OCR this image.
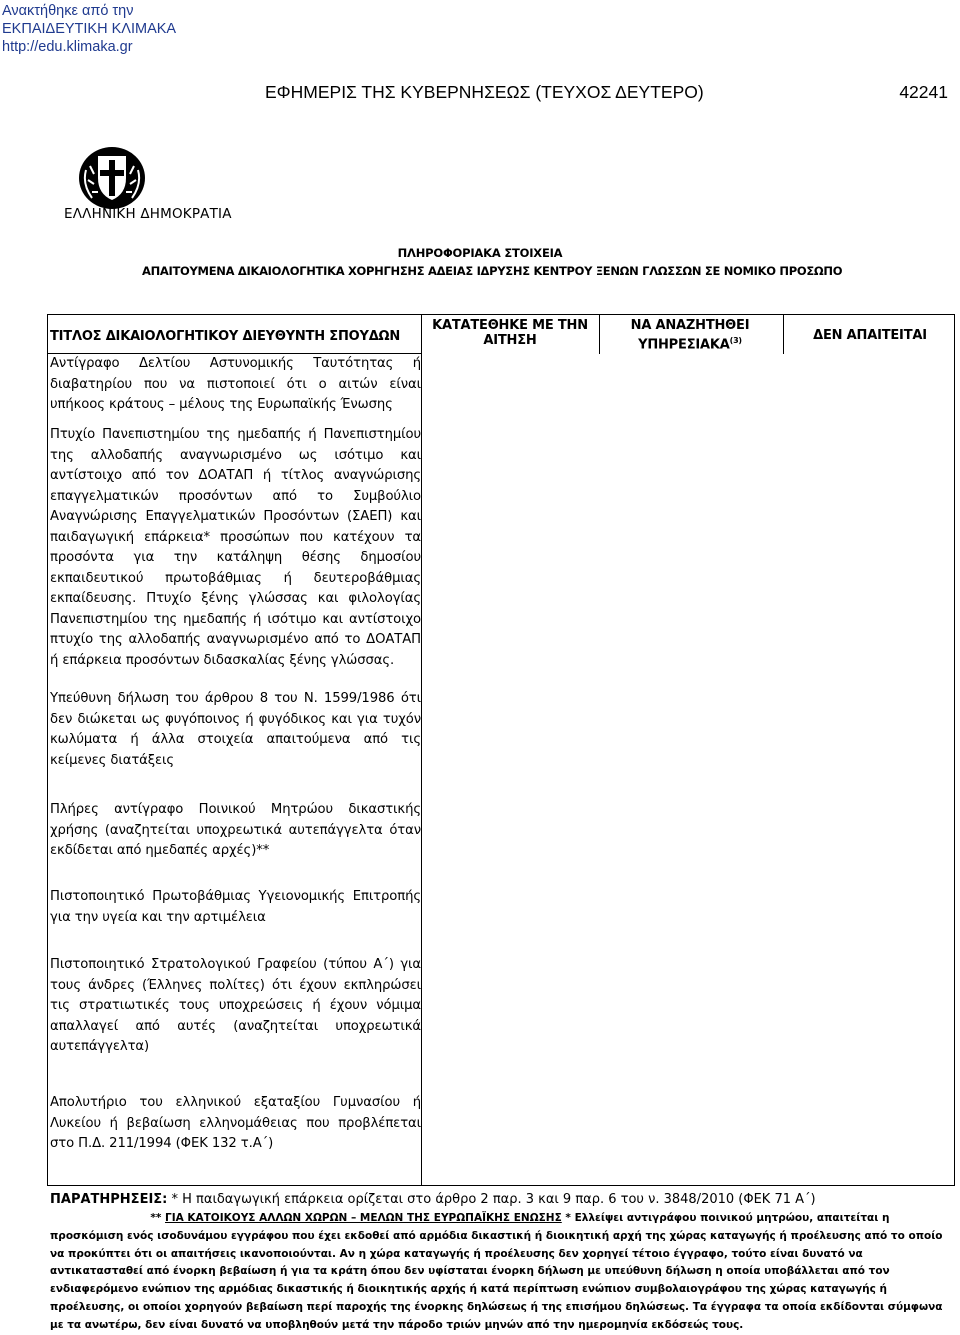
Ανακτήθηκε από την
ΕΚΠΑΙΔΕΥΤΙΚΗ ΚΛΙΜΑΚΑ
http://edu.klimaka.gr
ΕΦΗΜΕΡΙΣ ΤΗΣ ΚΥΒΕΡΝΗΣΕΩΣ (ΤΕΥΧΟΣ ΔΕΥΤΕΡΟ)	42241
ΕΛΛΗΝΙΚΗ ΔΗΜΟΚΡΑΤΙΑ
ΠΛΗΡΟΦΟΡΙΑΚΑ ΣΤΟΙΧΕΙΑ
ΑΠΑΙΤΟΥΜΕΝΑ ΔΙΚΑΙΟΛΟΓΗΤΙΚΑ ΧΟΡΗΓΗΣΗΣ ΑΔΕΙΑΣ ΙΔΡΥΣΗΣ ΚΕΝΤΡΟΥ ΞΕΝΩΝ ΓΛΩΣΣΩΝ ΣΕ ΝΟΜΙΚΟ ΠΡΟΣΩΠΟ
ΤΙΤΛΟΣ ΔΙΚΑΙΟΛΟΓΗΤΙΚΟΥ ΔΙΕΥΘΥΝΤΗ ΣΠΟΥΔΩΝ
ΚΑΤΑΤΕΘΗΚΕ ΜΕ ΤΗΝ ΑΙΤΗΣΗ
ΝΑ ΑΝΑΖΗΤΗΘΕΙ ΥΠΗΡΕΣΙΑΚΑ$^{(3)}$	ΔΕΝ ΑΠΑΙΤΕΙΤΑΙ
Αντίγραφο Δελτίου Αστυνομικής Ταυτότητας ή διαβατηρίου που να πιστοποιεί ότι ο αιτών είναι υπήκοος κράτους – μέλους της Ευρωπαϊκής Ένωσης
Πτυχίο Πανεπιστημίου της ημεδαπής ή Πανεπιστημίου της αλλοδαπής αναγνωρισμένο ως ισότιμο και αντίστοιχο από τον ΔΟΑΤΑΠ ή τίτλος αναγνώρισης επαγγελματικών προσόντων από το Συμβούλιο Αναγνώρισης Επαγγελματικών Προσόντων (ΣΑΕΠ) και παιδαγωγική επάρκεια* προσώπων που κατέχουν τα προσόντα για την κατάληψη θέσης δημοσίου εκπαιδευτικού πρωτοβάθμιας ή δευτεροβάθμιας εκπαίδευσης. Πτυχίο ξένης γλώσσας και φιλολογίας Πανεπιστημίου της ημεδαπής ή ισότιμο και αντίστοιχο πτυχίο της αλλοδαπής αναγνωρισμένο από το ΔΟΑΤΑΠ ή επάρκεια προσόντων διδασκαλίας ξένης γλώσσας.
Υπεύθυνη δήλωση του άρθρου 8 του Ν. 1599/1986 ότι δεν διώκεται ως φυγόποινος ή φυγόδικος και για τυχόν κωλύματα ή άλλα στοιχεία απαιτούμενα από τις κείμενες διατάξεις
Πλήρες αντίγραφο Ποινικού Μητρώου δικαστικής χρήσης (αναζητείται υποχρεωτικά αυτεπάγγελτα όταν εκδίδεται από ημεδαπές αρχές)**
Πιστοποιητικό Πρωτοβάθμιας Υγειονομικής Επιτροπής για την υγεία και την αρτιμέλεια
Πιστοποιητικό Στρατολογικού Γραφείου (τύπου Α΄) για τους άνδρες (Έλληνες πολίτες) ότι έχουν εκπληρώσει τις στρατιωτικές τους υποχρεώσεις ή έχουν νόμιμα απαλλαγεί από αυτές (αναζητείται υποχρεωτικά αυτεπάγγελτα)
Απολυτήριο του ελληνικού εξαταξίου Γυμνασίου ή Λυκείου ή βεβαίωση ελληνομάθειας που προβλέπεται στο Π.Δ. 211/1994 (ΦΕΚ 132 τ.Α΄)
ΠΑΡΑΤΗΡΗΣΕΙΣ: * Η παιδαγωγική επάρκεια ορίζεται στο άρθρο 2 παρ. 3 και 9 παρ. 6 του ν. 3848/2010 (ΦΕΚ 71 Α΄)
** ΓΙΑ ΚΑΤΟΙΚΟΥΣ ΑΛΛΩΝ ΧΩΡΩΝ – ΜΕΛΩΝ ΤΗΣ ΕΥΡΩΠΑΪΚΗΣ ΕΝΩΣΗΣ * Ελλείψει αντιγράφου ποινικού μητρώου, απαιτείται η προσκόμιση ενός ισοδυνάμου εγγράφου που έχει εκδοθεί από αρμόδια δικαστική ή διοικητική αρχή της χώρας καταγωγής ή προέλευσης από το οποίο να προκύπτει ότι οι απαιτήσεις ικανοποιούνται. Αν η χώρα καταγωγής ή προέλευσης δεν χορηγεί τέτοιο έγγραφο, τούτο είναι δυνατό να αντικατασταθεί από ένορκη βεβαίωση ή για τα κράτη όπου δεν υφίσταται ένορκη δήλωση με υπεύθυνη δήλωση η οποία υποβάλλεται από τον ενδιαφερόμενο ενώπιον της αρμόδιας δικαστικής ή διοικητικής αρχής ή κατά περίπτωση ενώπιον συμβολαιογράφου της χώρας καταγωγής ή προέλευσης, οι οποίοι χορηγούν βεβαίωση περί παροχής της ένορκης δηλώσεως ή της επισήμου δηλώσεως. Τα έγγραφα τα οποία εκδίδονται σύμφωνα με τα ανωτέρω, δεν είναι δυνατό να υποβληθούν μετά την πάροδο τριών μηνών από την ημερομηνία εκδόσεώς τους.
